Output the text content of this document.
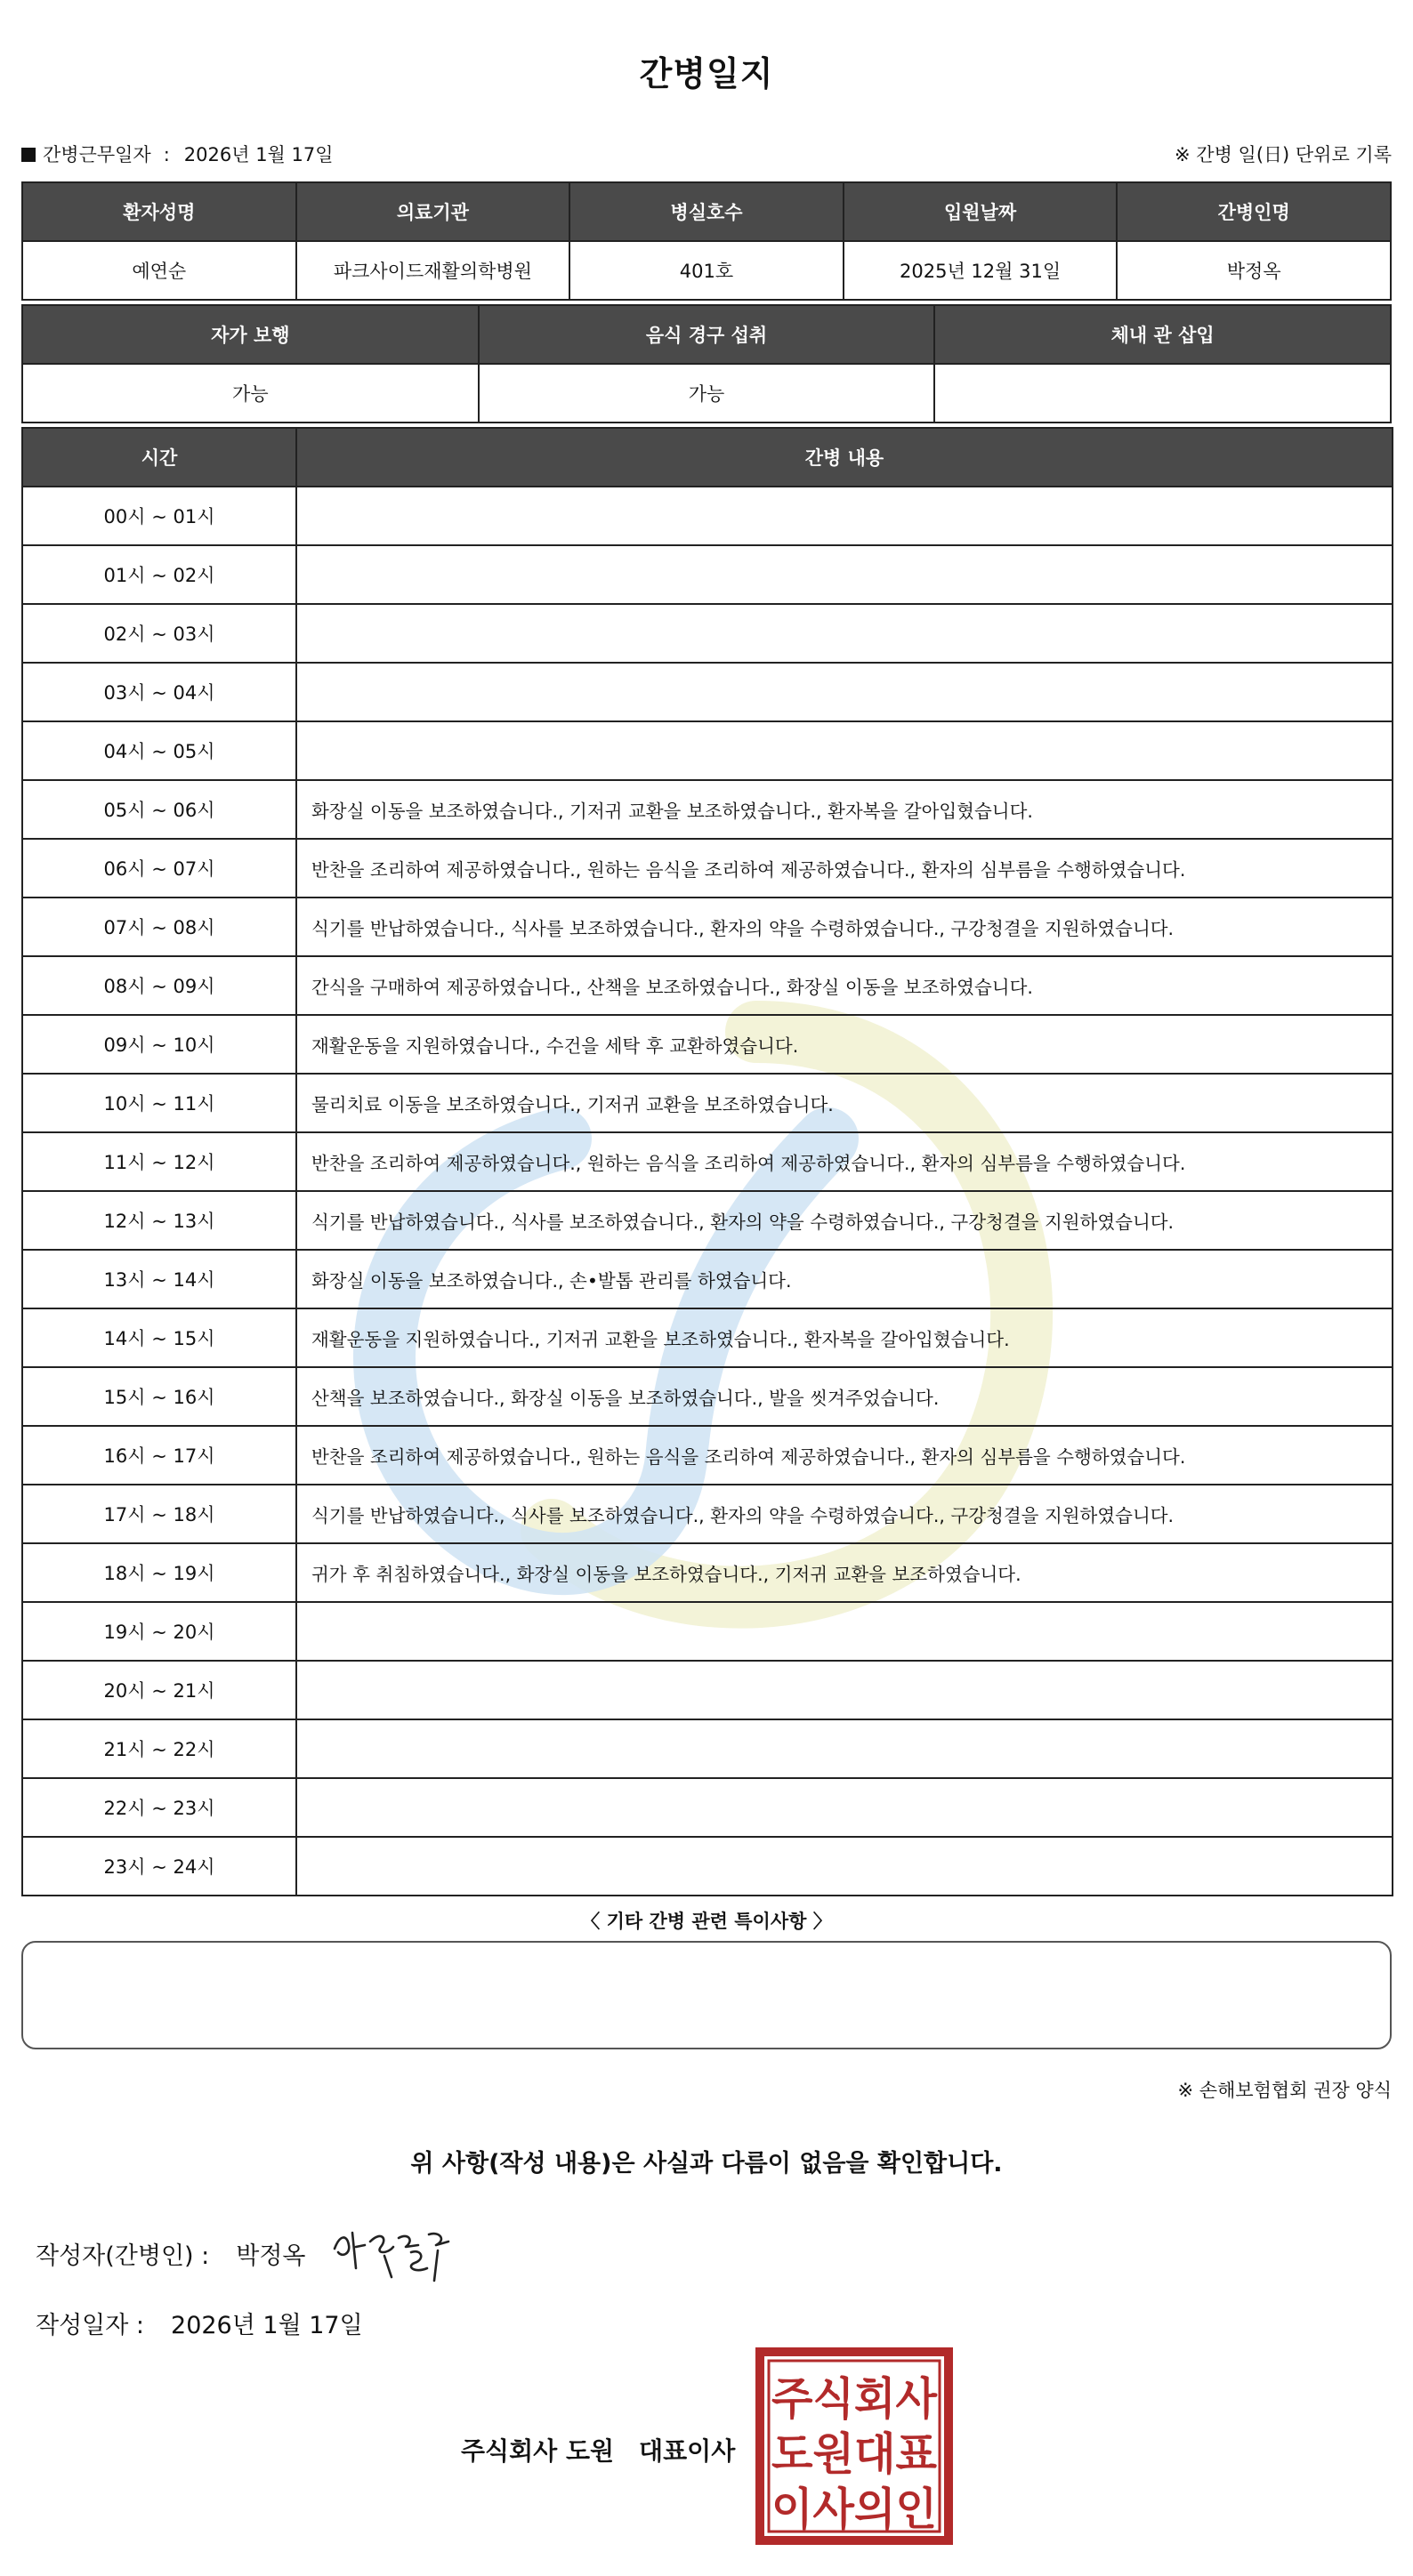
간병일지
간병근무일자 : 2026년 1월 17일	※ 간병 일(日) 단위로 기록
환자성명	의료기관	병실호수	입원날짜	간병인명
예연순	파크사이드재활의학병원	401호	2025년 12월 31일	박정옥
자가 보행	음식 경구 섭취	체내 관 삽입
가능	가능	
시간	간병 내용
00시 ~ 01시	
01시 ~ 02시	
02시 ~ 03시	
03시 ~ 04시	
04시 ~ 05시	
05시 ~ 06시	화장실 이동을 보조하였습니다., 기저귀 교환을 보조하였습니다., 환자복을 갈아입혔습니다.
06시 ~ 07시	반찬을 조리하여 제공하였습니다., 원하는 음식을 조리하여 제공하였습니다., 환자의 심부름을 수행하였습니다.
07시 ~ 08시	식기를 반납하였습니다., 식사를 보조하였습니다., 환자의 약을 수령하였습니다., 구강청결을 지원하였습니다.
08시 ~ 09시	간식을 구매하여 제공하였습니다., 산책을 보조하였습니다., 화장실 이동을 보조하였습니다.
09시 ~ 10시	재활운동을 지원하였습니다., 수건을 세탁 후 교환하였습니다.
10시 ~ 11시	물리치료 이동을 보조하였습니다., 기저귀 교환을 보조하였습니다.
11시 ~ 12시	반찬을 조리하여 제공하였습니다., 원하는 음식을 조리하여 제공하였습니다., 환자의 심부름을 수행하였습니다.
12시 ~ 13시	식기를 반납하였습니다., 식사를 보조하였습니다., 환자의 약을 수령하였습니다., 구강청결을 지원하였습니다.
13시 ~ 14시	화장실 이동을 보조하였습니다., 손•발톱 관리를 하였습니다.
14시 ~ 15시	재활운동을 지원하였습니다., 기저귀 교환을 보조하였습니다., 환자복을 갈아입혔습니다.
15시 ~ 16시	산책을 보조하였습니다., 화장실 이동을 보조하였습니다., 발을 씻겨주었습니다.
16시 ~ 17시	반찬을 조리하여 제공하였습니다., 원하는 음식을 조리하여 제공하였습니다., 환자의 심부름을 수행하였습니다.
17시 ~ 18시	식기를 반납하였습니다., 식사를 보조하였습니다., 환자의 약을 수령하였습니다., 구강청결을 지원하였습니다.
18시 ~ 19시	귀가 후 취침하였습니다., 화장실 이동을 보조하였습니다., 기저귀 교환을 보조하였습니다.
19시 ~ 20시	
20시 ~ 21시	
21시 ~ 22시	
22시 ~ 23시	
23시 ~ 24시	
〈 기타 간병 관련 특이사항 〉
※ 손해보험협회 권장 양식
위 사항(작성 내용)은 사실과 다름이 없음을 확인합니다.
작성자(간병인) : 박정옥
작성일자 : 2026년 1월 17일
주식회사 도원 대표이사
주식회사
도원대표
이사의인
